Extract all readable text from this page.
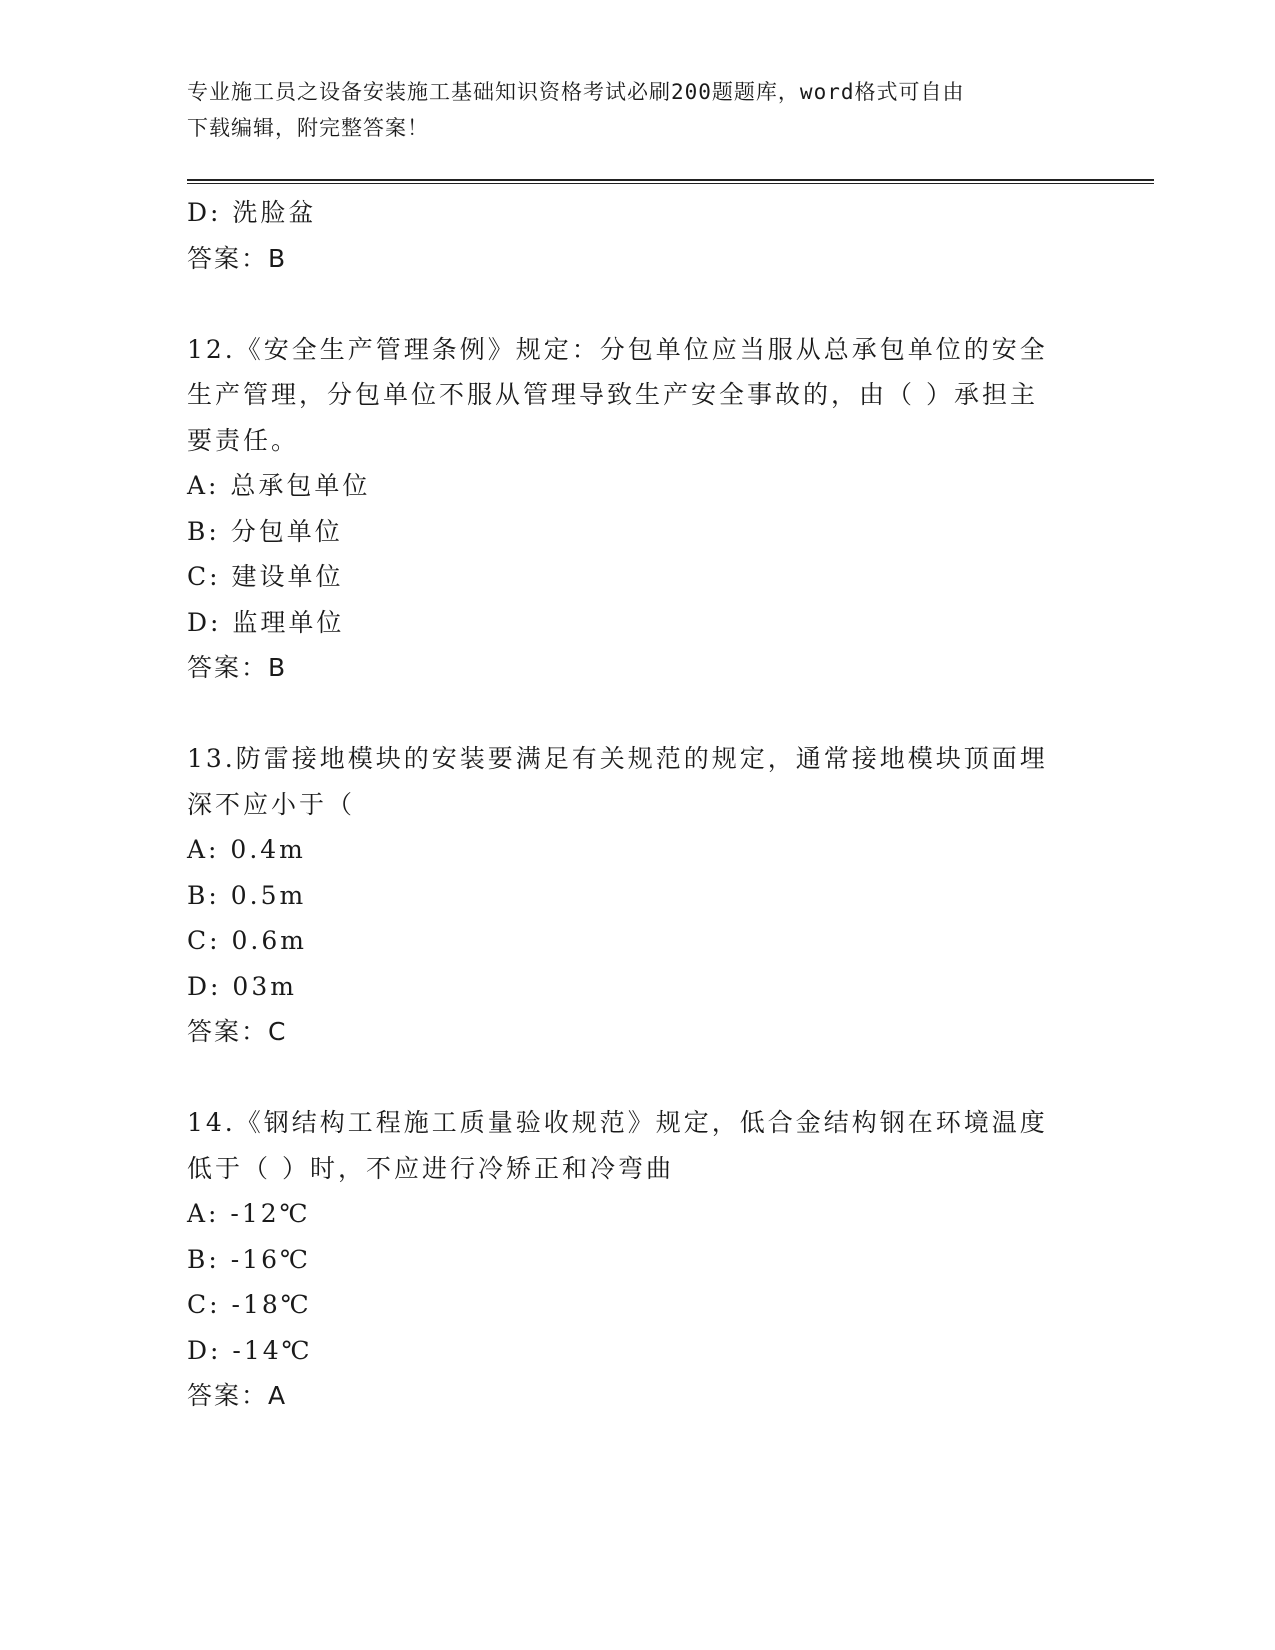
专业施工员之设备安装施工基础知识资格考试必刷200题题库，word格式可自由
下载编辑，附完整答案！
D: 洗脸盆
答案：B
12.《安全生产管理条例》规定：分包单位应当服从总承包单位的安全
生产管理，分包单位不服从管理导致生产安全事故的，由（ ）承担主
要责任。
A: 总承包单位
B: 分包单位
C: 建设单位
D: 监理单位
答案：B
13.防雷接地模块的安装要满足有关规范的规定，通常接地模块顶面埋
深不应小于（
A: 0.4m
B: 0.5m
C: 0.6m
D: 03m
答案：C
14.《钢结构工程施工质量验收规范》规定，低合金结构钢在环境温度
低于（ ）时，不应进行冷矫正和冷弯曲
A: -12℃
B: -16℃
C: -18℃
D: -14℃
答案：A
